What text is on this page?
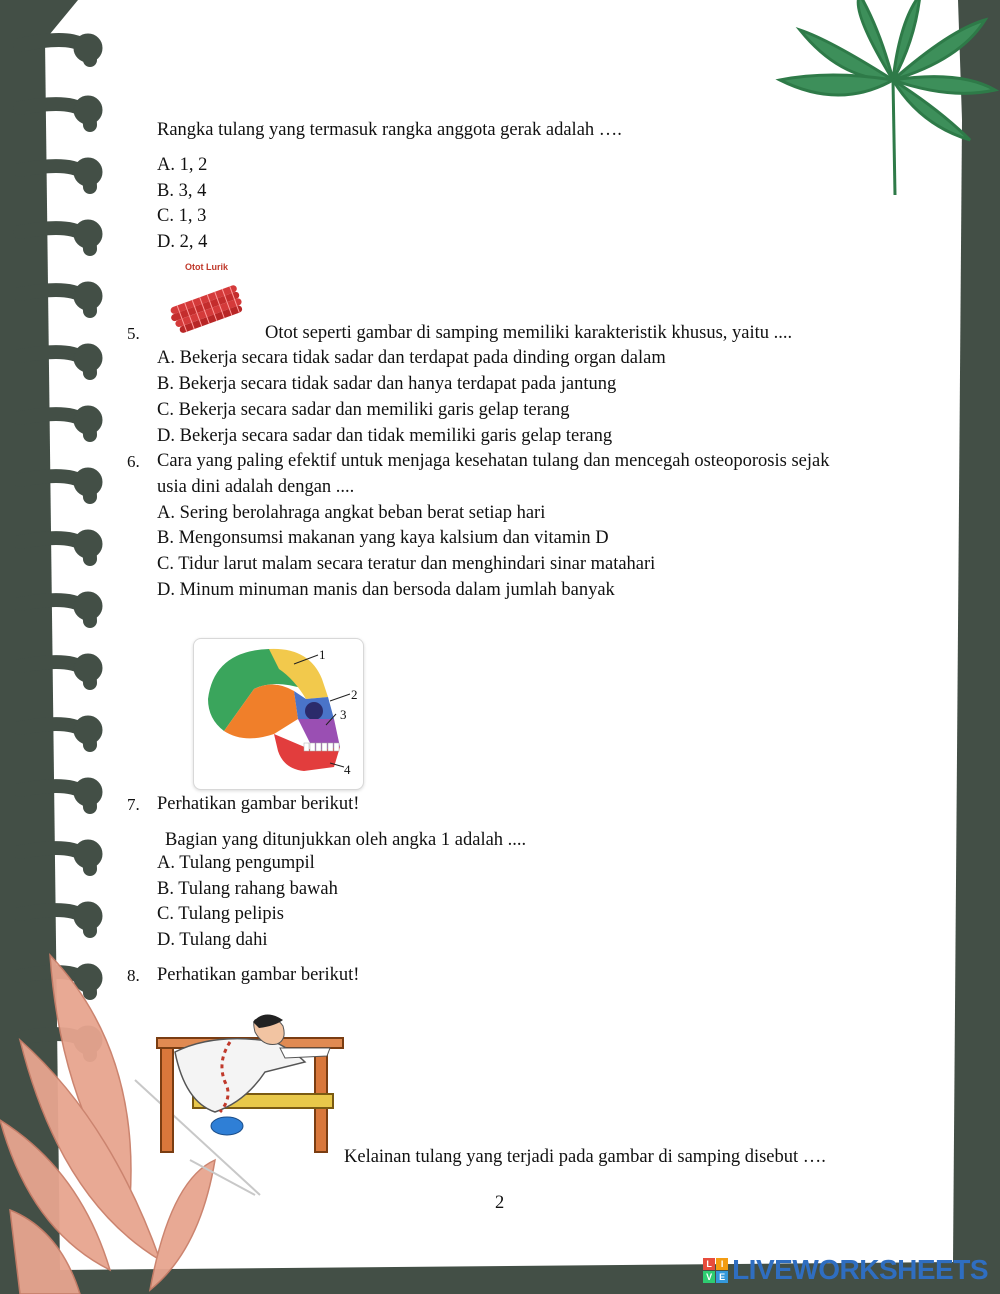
Rangka tulang yang termasuk rangka anggota gerak adalah ….
A. 1, 2
B. 3, 4
C. 1, 3
D. 2, 4
Otot Lurik
5.	Otot seperti gambar di samping memiliki karakteristik khusus, yaitu ....
A. Bekerja secara tidak sadar dan terdapat pada dinding organ dalam
B. Bekerja secara tidak sadar dan hanya terdapat pada jantung
C. Bekerja secara sadar dan memiliki garis gelap terang
D. Bekerja secara sadar dan tidak memiliki garis gelap terang
6. Cara yang paling efektif untuk menjaga kesehatan tulang dan mencegah osteoporosis sejak
usia dini adalah dengan ....
A. Sering berolahraga angkat beban berat setiap hari
B. Mengonsumsi makanan yang kaya kalsium dan vitamin D
C. Tidur larut malam secara teratur dan menghindari sinar matahari
D. Minum minuman manis dan bersoda dalam jumlah banyak
1
2
3
4
7. Perhatikan gambar berikut!
Bagian yang ditunjukkan oleh angka 1 adalah ....
A. Tulang pengumpil
B. Tulang rahang bawah
C. Tulang pelipis
D. Tulang dahi
8. Perhatikan gambar berikut!
Kelainan tulang yang terjadi pada gambar di samping disebut ….
2
L I
V E LIVEWORKSHEETS
